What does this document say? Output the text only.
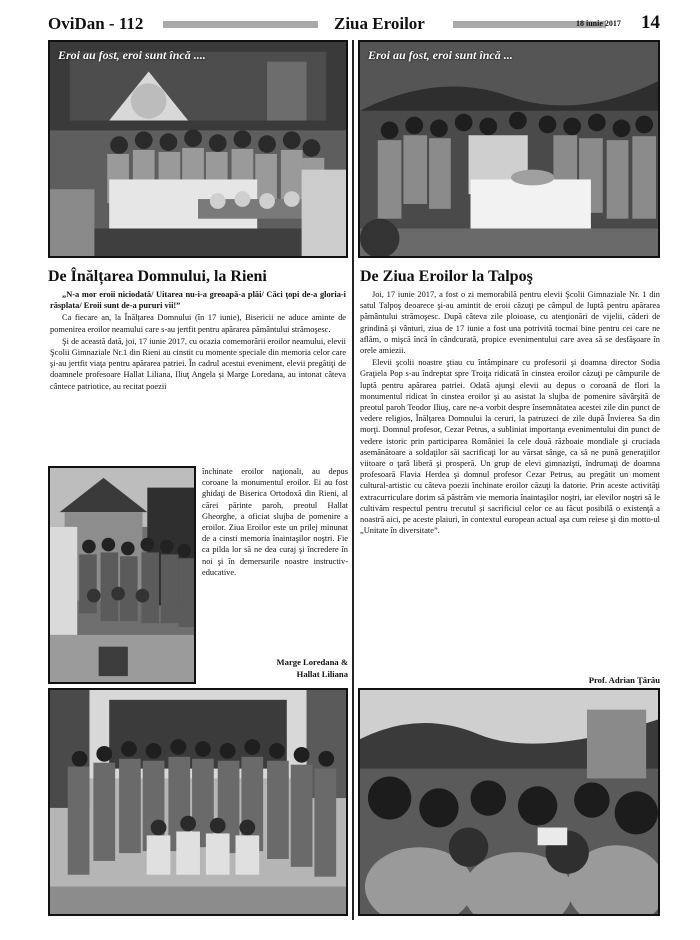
OviDan - 112	Ziua Eroilor	18 iunie 2017 14
Eroi au fost, eroi sunt încă ....	Eroi au fost, eroi sunt încă ...
De Înălțarea Domnului, la Rieni

„N-a mor eroii niciodată/ Uitarea nu-i-a greoapă-a plăi/ Căci ţopi de-a gloria-i răsplata/ Eroii sunt de-a pururi vii!”

Ca fiecare an, la Înălțarea Domnului (în 17 iunie), Bisericii ne aduce aminte de pomenirea eroilor neamului care s-au jertfit pentru apărarea pământului strămoşesc.

Şi de această dată, joi, 17 iunie 2017, cu ocazia comemorării eroilor neamului, elevii Şcolii Gimnaziale Nr.1 din Rieni au cinstit cu momente speciale din memoria celor care şi-au jertfit viaţa pentru apărarea patriei. În cadrul acestui eveniment, elevii pregătiţi de doamnele profesoare Hallat Liliana, Iliuţ Angela și Marge Loredana, au intonat câteva cântece patriotice, au recitat poezii

închinate eroilor naţionali, au depus coroane la monumentul eroilor. Ei au fost ghidaţi de Biserica Ortodoxă din Rieni, al cărei părinte paroh, preotul Hallat Gheorghe, a oficiat slujba de pomenire a eroilor. Ziua Eroilor este un prilej minunat de a cinsti memoria înaintaşilor noştri. Fie ca pilda lor să ne dea curaj şi încredere în noi şi în demersurile noastre instructiv-educative.

Marge Loredana &
Hallat Liliana
De Ziua Eroilor la Talpoş

Joi, 17 iunie 2017, a fost o zi memorabilă pentru elevii Şcolii Gimnaziale Nr. 1 din satul Talpoş deoarece şi-au amintit de eroii căzuţi pe câmpul de luptă pentru apărarea pământului strămoşesc. După câteva zile ploioase, cu atenţionări de vijelii, căderi de grindină şi vânturi, ziua de 17 iunie a fost una potrivită tocmai bine pentru cei care ne aflăm, o mişcă încă în cândcurată, propice evenimentului care avea să se desfăşoare în orele amiezii.

Elevii şcolii noastre ştiau cu întâmpinare cu profesorii şi doamna director Sodia Graţiela Pop s-au îndreptat spre Troiţa ridicată în cinstea eroilor căzuţi pe câmpurile de luptă pentru apărarea patriei. Odată ajunşi elevii au depus o coroană de flori la monumentul ridicat în cinstea eroilor şi au asistat la slujba de pomenire săvârşită de preotul paroh Teodor Iliuş, care ne-a vorbit despre însemnătatea acestei zile din punct de vedere religios, Înălţarea Domnului la ceruri, la patruzeci de zile după Învierea Sa din morţi. Domnul profesor, Cezar Petrus, a subliniat importanţa evenimentului din punct de vedere istoric prin participarea României la cele două războaie mondiale şi cruciada asemănătoare a soldaţilor săi sacrificaţi lor au vărsat sânge, ca să ne pună generaţiilor viitoare o ţară liberă şi prosperă. Un grup de elevi gimnazişti, îndrumaţi de doamna profesoară Flavia Herdea şi domnul profesor Cezar Petrus, au pregătit un moment cultural-artistic cu câteva poezii închinate eroilor căzuţi la datorie. Prin aceste activităţi extracurriculare dorim să păstrăm vie memoria înaintaşilor noştri, iar elevilor noştri să le cultivăm respectul pentru trecutul și sacrificiul celor ce au făcut posibilă o existenţă a noastră aici, pe aceste plaiuri, în contextul european actual aşa cum reiese şi din motto-ul „Unitate în diversitate”.

Prof. Adrian Ţârâu
